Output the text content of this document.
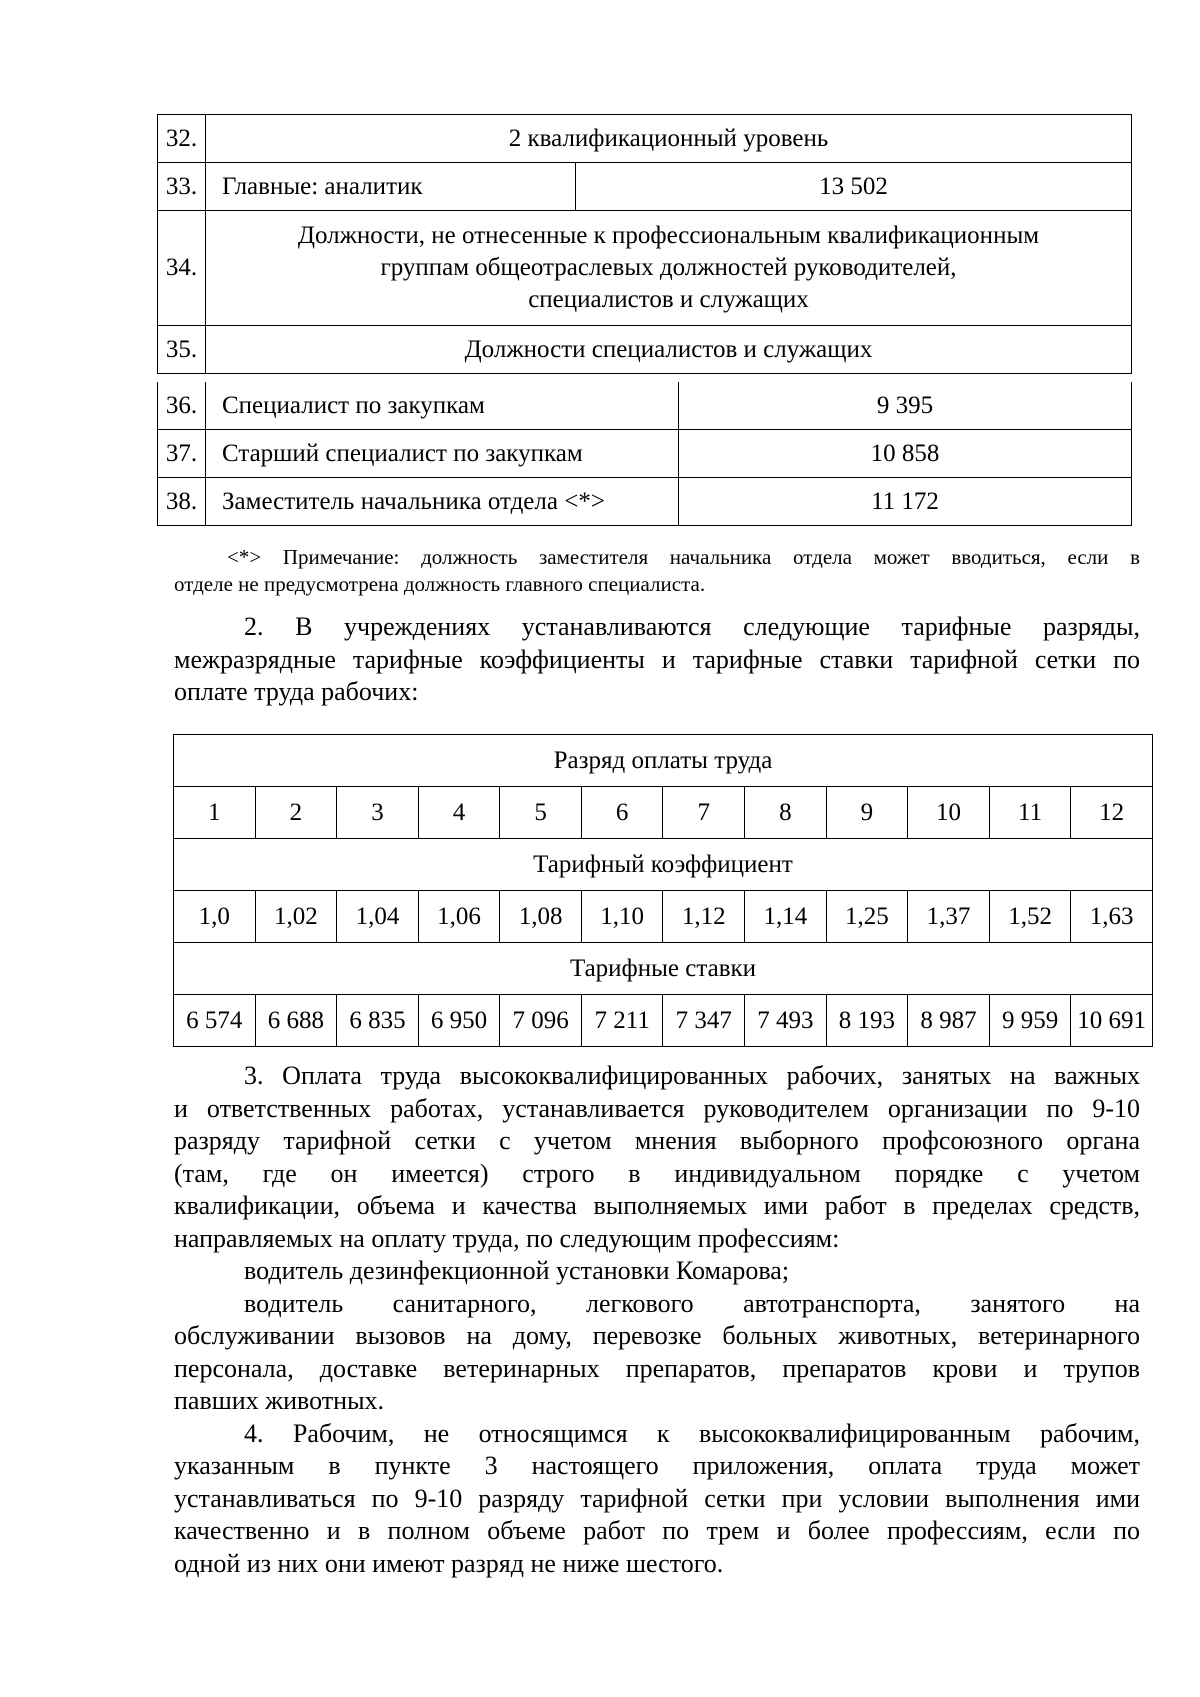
32.	2 квалификационный уровень	
33.	Главные: аналитик	13 502
34.	Должности, не отнесенные к профессиональным квалификационным
группам общеотраслевых должностей руководителей,
специалистов и служащих	

35.	Должности специалистов и служащих	
36.	Специалист по закупкам	9 395
37.	Старший специалист по закупкам	10 858
38.	Заместитель начальника отдела <*>	11 172

<*> Примечание: должность заместителя начальника отдела может вводиться, если в
отделе не предусмотрена должность главного специалиста.

2. В учреждениях устанавливаются следующие тарифные разряды,
межразрядные тарифные коэффициенты и тарифные ставки тарифной сетки по
оплате труда рабочих:

Разряд оплаты труда											
1	2	3	4	5	6	7	8	9	10	11	12
Тарифный коэффициент											
1,0	1,02	1,04	1,06	1,08	1,10	1,12	1,14	1,25	1,37	1,52	1,63
Тарифные ставки											
6 574	6 688	6 835	6 950	7 096	7 211	7 347	7 493	8 193	8 987	9 959	10 691

3. Оплата труда высококвалифицированных рабочих, занятых на важных
и ответственных работах, устанавливается руководителем организации по 9-10
разряду тарифной сетки с учетом мнения выборного профсоюзного органа
(там, где он имеется) строго в индивидуальном порядке с учетом
квалификации, объема и качества выполняемых ими работ в пределах средств,
направляемых на оплату труда, по следующим профессиям:
водитель дезинфекционной установки Комарова;
водитель санитарного, легкового автотранспорта, занятого на
обслуживании вызовов на дому, перевозке больных животных, ветеринарного
персонала, доставке ветеринарных препаратов, препаратов крови и трупов
павших животных.
4. Рабочим, не относящимся к высококвалифицированным рабочим,
указанным в пункте 3 настоящего приложения, оплата труда может
устанавливаться по 9-10 разряду тарифной сетки при условии выполнения ими
качественно и в полном объеме работ по трем и более профессиям, если по
одной из них они имеют разряд не ниже шестого.
